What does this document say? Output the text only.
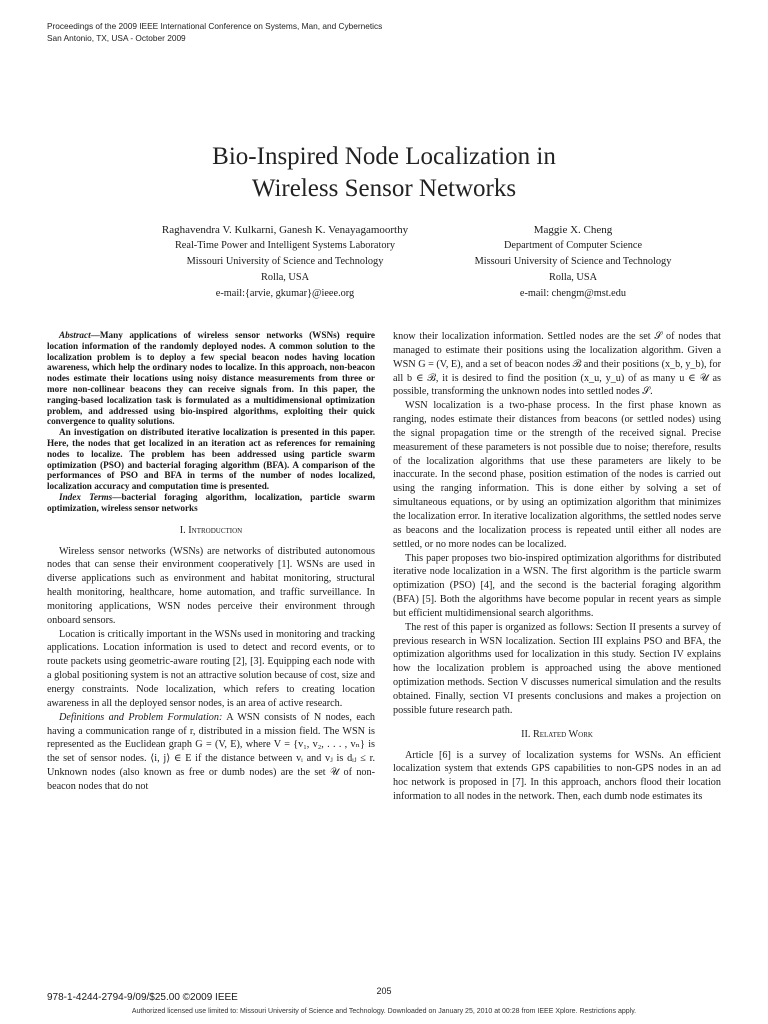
Proceedings of the 2009 IEEE International Conference on Systems, Man, and Cybernetics
San Antonio, TX, USA - October 2009
Bio-Inspired Node Localization in
Wireless Sensor Networks
Raghavendra V. Kulkarni, Ganesh K. Venayagamoorthy
Real-Time Power and Intelligent Systems Laboratory
Missouri University of Science and Technology
Rolla, USA
e-mail:{arvie, gkumar}@ieee.org
Maggie X. Cheng
Department of Computer Science
Missouri University of Science and Technology
Rolla, USA
e-mail: chengm@mst.edu

Abstract—Many applications of wireless sensor networks (WSNs) require location information of the randomly deployed nodes. A common solution to the localization problem is to deploy a few special beacon nodes having location awareness, which help the ordinary nodes to localize. In this approach, non-beacon nodes estimate their locations using noisy distance measurements from three or more non-collinear beacons they can receive signals from. In this paper, the ranging-based localization task is formulated as a multidimensional optimization problem, and addressed using bio-inspired algorithms, exploiting their quick convergence to quality solutions.

An investigation on distributed iterative localization is presented in this paper. Here, the nodes that get localized in an iteration act as references for remaining nodes to localize. The problem has been addressed using particle swarm optimization (PSO) and bacterial foraging algorithm (BFA). A comparison of the performances of PSO and BFA in terms of the number of nodes localized, localization accuracy and computation time is presented.

Index Terms—bacterial foraging algorithm, localization, particle swarm optimization, wireless sensor networks

I. Introduction

Wireless sensor networks (WSNs) are networks of distributed autonomous nodes that can sense their environment cooperatively [1]. WSNs are used in diverse applications such as environment and habitat monitoring, structural health monitoring, healthcare, home automation, and traffic surveillance. In monitoring applications, WSN nodes perceive their environment through onboard sensors.

Location is critically important in the WSNs used in monitoring and tracking applications. Location information is used to detect and record events, or to route packets using geometric-aware routing [2], [3]. Equipping each node with a global positioning system is not an attractive solution because of cost, size and energy constraints. Node localization, which refers to creating location awareness in all the deployed sensor nodes, is an area of active research.

Definitions and Problem Formulation: A WSN consists of N nodes, each having a communication range of r, distributed in a mission field. The WSN is represented as the Euclidean graph G = (V, E), where V = {v₁, v₂, . . . , vₙ} is the set of sensor nodes. ⟨i, j⟩ ∈ E if the distance between vᵢ and vⱼ is dᵢⱼ ≤ r. Unknown nodes (also known as free or dumb nodes) are the set 𝒰 of non-beacon nodes that do not

know their localization information. Settled nodes are the set 𝒮 of nodes that managed to estimate their positions using the localization algorithm. Given a WSN G = (V, E), and a set of beacon nodes ℬ and their positions (x_b, y_b), for all b ∈ ℬ, it is desired to find the position (x_u, y_u) of as many u ∈ 𝒰 as possible, transforming the unknown nodes into settled nodes 𝒮.

WSN localization is a two-phase process. In the first phase known as ranging, nodes estimate their distances from beacons (or settled nodes) using the signal propagation time or the strength of the received signal. Precise measurement of these parameters is not possible due to noise; therefore, results of the localization algorithms that use these parameters are likely to be inaccurate. In the second phase, position estimation of the nodes is carried out using the ranging information. This is done either by solving a set of simultaneous equations, or by using an optimization algorithm that minimizes the localization error. In iterative localization algorithms, the settled nodes serve as beacons and the localization process is repeated until either all nodes are settled, or no more nodes can be localized.

This paper proposes two bio-inspired optimization algorithms for distributed iterative node localization in a WSN. The first algorithm is the particle swarm optimization (PSO) [4], and the second is the bacterial foraging algorithm (BFA) [5]. Both the algorithms have become popular in recent years as simple but efficient multidimensional search algorithms.

The rest of this paper is organized as follows: Section II presents a survey of previous research in WSN localization. Section III explains PSO and BFA, the optimization algorithms used for localization in this study. Section IV explains how the localization problem is approached using the above mentioned optimization methods. Section V discusses numerical simulation and the results obtained. Finally, section VI presents conclusions and makes a projection on possible future research path.

II. Related Work

Article [6] is a survey of localization systems for WSNs. An efficient localization system that extends GPS capabilities to non-GPS nodes in an ad hoc network is proposed in [7]. In this approach, anchors flood their location information to all nodes in the network. Then, each dumb node estimates its

205
978-1-4244-2794-9/09/$25.00 ©2009 IEEE
Authorized licensed use limited to: Missouri University of Science and Technology. Downloaded on January 25, 2010 at 00:28 from IEEE Xplore. Restrictions apply.
